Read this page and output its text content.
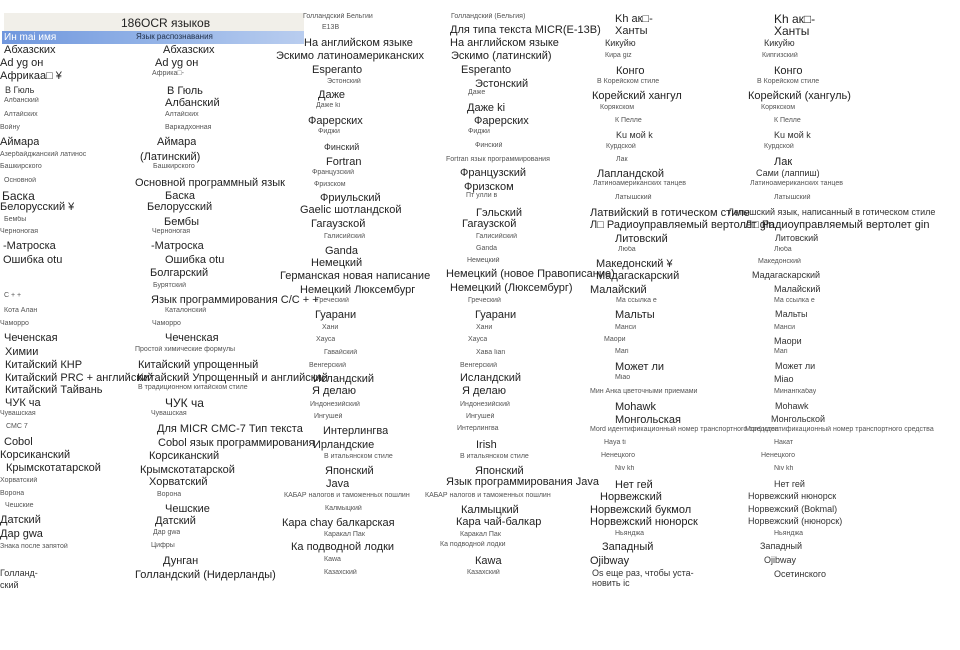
186OCR языков
Ин mai имя	Язык распознавания
Абхазских
Ad yg он
Африкаа□ ¥
В Гюль
Албанский
Алтайских
Войну
Аймара
Азербайджанский латинос
Башкирского
Основной
Баска
Белорусский ¥
Бембы
Черноногая
-Матроска
Ошибка otu
C + +
Кота Алан
Чаморро
Чеченская
Химии
Китайский КНР
Китайский PRC + английский
Китайский Тайвань
ЧУК ча
Чувашская
CMC 7
Cobol
Корсиканский
Крымскотатарской
Хорватский
Ворона
Чешские
Датский
Дар gwa
Знака после запятой
Голланд-
ский
Абхазских
Ad yg он
Африка□-
В Гюль
Албанский
Алтайских
Варкадхонная
Аймара
(Латинский)
Башкирского
Основной программный язык
Баска
Белорусский
Бембы
Черноногая
-Матроска
Ошибка otu
Болгарский
Бурятский
Язык программирования C/C + +
Каталонский
Чаморро
Чеченская
Простой химические формулы
Китайский упрощенный
Китайский Упрощенный и английский
В традиционном китайском стиле
ЧУК ча
Чувашская
Для MICR CMC-7 Тип текста
Cobol язык программирования
Корсиканский
Крымскотатарской
Хорватский
Ворона
Чешские
Датский
Дар gwa
Цифры
Дунган
Голландский (Нидерланды)
Голландский Бельгии
E13B
На английском языке
Эскимо латиноамериканских
Esperanto
Эстонский
Даже
Даже ki
Фарерских
Фиджи
Финский
Fortran
Французский
Фризском
Фриульский
Gaelic шотландской
Гагаузской
Галисийский
Ganda
Немецкий
Германская новая написание
Немецкий Люксембург
Греческий
Гуарани
Хани
Хауса
Гавайский
Венгерский
Исландский
Я делаю
Индонезийский
Ингушей
Интерлингва
Ирландские
В итальянском стиле
Японский
Java
КАБАР налогов и таможенных пошлин
Калмыцкий
Кара chay балкарская
Каракал Пак
Ка подводной лодки
Кawa
Казахский
Голландский (Бельгия)
Для типа текста MICR(E-13B)
На английском языке
Эскимо (латинский)
Esperanto
Эстонский
Даже
Даже ki
Фарерских
Фиджи
Финский
Fortran язык программирования
Французский
Фризском
Пт улли в
Гэльский
Гагаузской
Галисийский
Ganda
Немецкий
Немецкий (новое Правописание)
Немецкий (Люксембург)
Греческий
Гуарани
Хани
Хауса
Хава Iian
Венгерский
Исландский
Я делаю
Индонезийский
Ингушей
Интерлингва
Irish
В итальянском стиле
Японский
Язык программирования Java
КАБАР налогов и таможенных пошлин
Калмыцкий
Кара чай-балкар
Каракал Пак
Ка подводной лодки
Кawa
Казахский
Kh ак□-
Ханты
Кикуйю
Кира giz
Конго
В Корейском стиле
Корейский хангул
Корякском
К Пелле
Ku мой k
Курдской
Лак
Лапландской
Латиноамериканских танцев
Латышский
Латвийский в готическом стиле
Л□ Радиоуправляемый вертолет gin
Литовский
Люба
Македонский ¥
Мадагаскарский
Малайский
Ма ссылка е
Мальты
Манси
Маори
Mari
Может ли
Miao
Мин Анка цветочными приемами
Mohawk
Монгольская
Mord идентификационный номер транспортного средства
Haya ti
Ненецкого
Niv kh
Нет гей
Норвежский
Норвежский букмол
Норвежский нюнорск
Ньянджа
Западный
Ojibway
Os еще раз, чтобы уста-
новить ic
Kh ак□-
Ханты
Кикуйю
Кипгизский
Конго
В Корейском стиле
Корейский (хангуль)
Корякском
К Пелле
Ku мой k
Курдской
Лак
Сами (лаппиш)
Латиноамериканских танцев
Латышский
Латышский язык, написанный в готическом стиле
Л□ Радиоуправляемый вертолет gin
Литовский
Люба
Македонский
Мадагаскарский
Малайский
Ма ссылка е
Мальты
Манси
Маори
Mari
Может ли
Miao
Минангкабау
Mohawk
Монгольской
Mord идентификационный номер транспортного средства
Накат
Ненецкого
Niv kh
Нет гей
Норвежский нюнорск
Норвежский (Bokmal)
Норвежский (нюнорск)
Ньянджа
Западный
Ojibway
Осетинского
